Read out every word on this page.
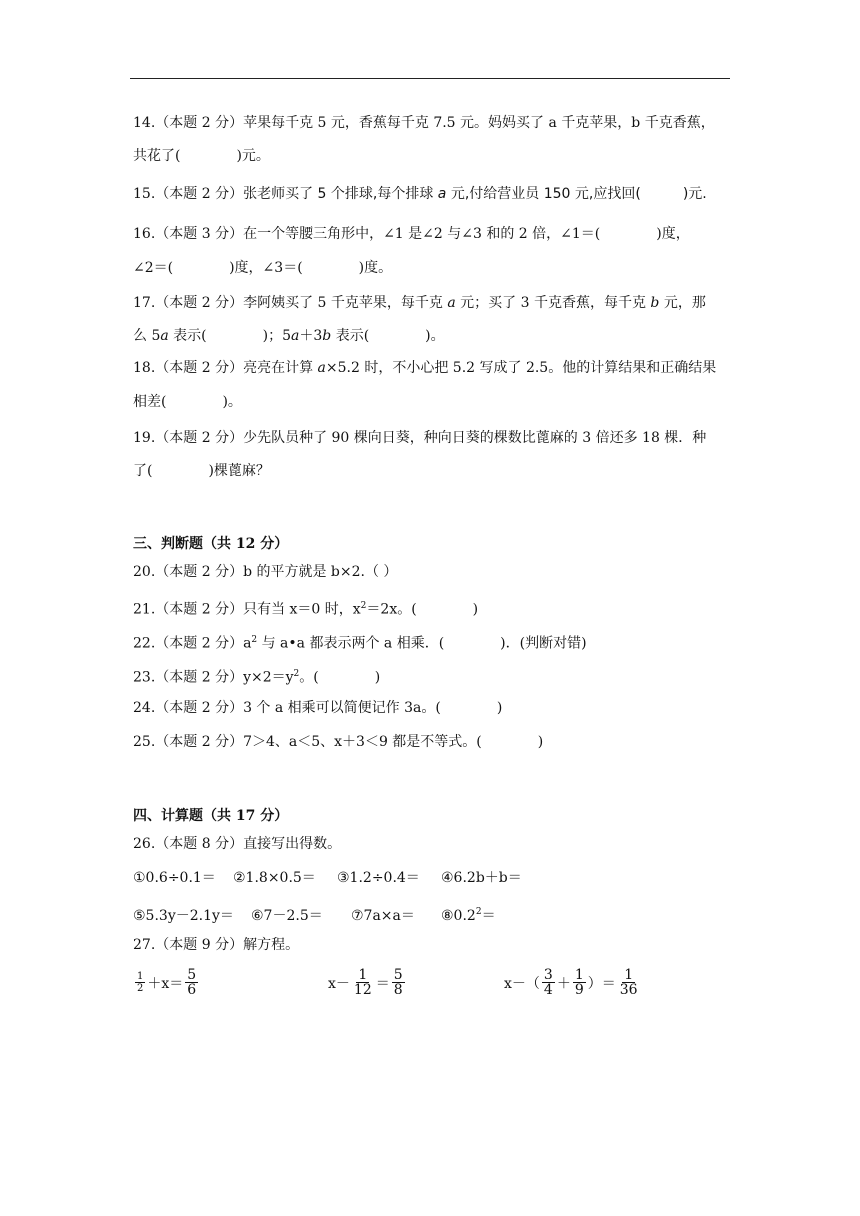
14.（本题 2 分）苹果每千克 5 元，香蕉每千克 7.5 元。妈妈买了 a 千克苹果，b 千克香蕉，
共花了(　　　　)元。
15.（本题 2 分）张老师买了 5 个排球,每个排球 a 元,付给营业员 150 元,应找回(　　　)元.
16.（本题 3 分）在一个等腰三角形中，∠1 是∠2 与∠3 和的 2 倍，∠1＝(　　　　)度，
∠2＝(　　　　)度，∠3＝(　　　　)度。
17.（本题 2 分）李阿姨买了 5 千克苹果，每千克 a 元；买了 3 千克香蕉，每千克 b 元，那
么 5a 表示(　　　　)；5a＋3b 表示(　　　　)。
18.（本题 2 分）亮亮在计算 a×5.2 时，不小心把 5.2 写成了 2.5。他的计算结果和正确结果
相差(　　　　)。
19.（本题 2 分）少先队员种了 90 棵向日葵，种向日葵的棵数比蓖麻的 3 倍还多 18 棵．种
了(　　　　)棵蓖麻？
三、判断题（共 12 分）
20.（本题 2 分）b 的平方就是 b×2.（ ）
21.（本题 2 分）只有当 x＝0 时，$x^2=2x$。(　　　　)
22.（本题 2 分）$a^2$ 与 a•a 都表示两个 a 相乘．(　　　　)．(判断对错)
23.（本题 2 分）$y\times 2=y^2$。(　　　　)
24.（本题 2 分）3 个 a 相乘可以简便记作 3a。(　　　　)
25.（本题 2 分）7＞4、a＜5、x＋3＜9 都是不等式。(　　　　)
四、计算题（共 17 分）
26.（本题 8 分）直接写出得数。
①0.6÷0.1＝ ②1.8×0.5＝ ③1.2÷0.4＝ ④6.2b＋b＝
⑤5.3y－2.1y＝ ⑥7－2.5＝ ⑦7a×a＝ $⑧0.2^2=$
27.（本题 9 分）解方程。
$\frac{1}{2} +x= \frac{5}{6}$	$x- \frac{1}{12} = \frac{5}{8}$	$x-( \frac{3}{4} + \frac{1}{9}$ ）＝ $\frac{1}{36}$
